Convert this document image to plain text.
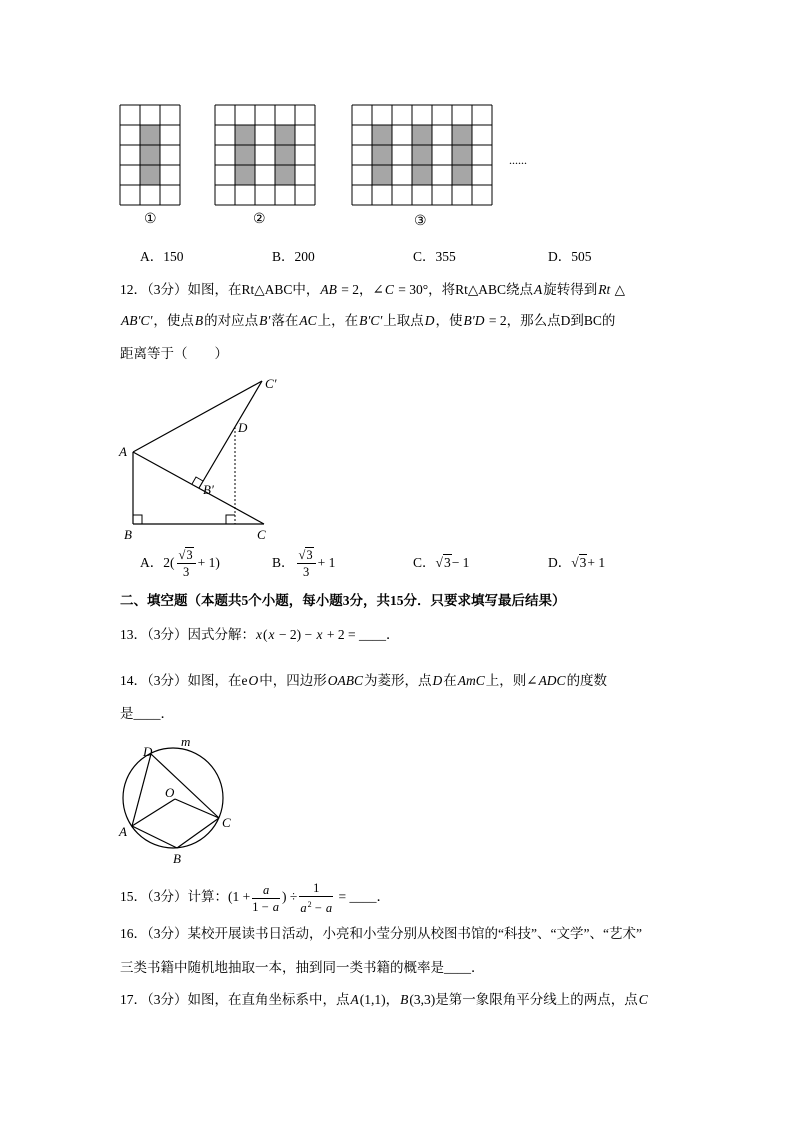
......
①	②	③
A．150	B．200	C．355	D．505
12．（3分）如图，在Rt△ABC中，AB = 2，∠C = 30°，将Rt△ABC绕点A旋转得到Rt △
AB′C′，使点B的对应点B′落在AC上，在B′C′上取点D，使B′D = 2，那么点D到BC的
距离等于（　　）
C′
D
A
B′
B	C
A．$2( \frac{√3}{3} + 1)$	B． $\frac{√3}{3} + 1$	C．√3− 1	D．√3+ 1
二、填空题（本题共5个小题，每小题3分，共15分．只要求填写最后结果）
13．（3分）因式分解：x(x − 2) − x + 2 = ____．
14．（3分）如图，在eO中，四边形OABC为菱形，点D在AmC上，则∠ADC的度数
是____．
D
m
O
A
C
B
15．（3分）计算：($1 + \frac{a}{1 - a}$ ) ÷ $\frac{1}{a^2 - a}$ = ____．
16．（3分）某校开展读书日活动，小亮和小莹分别从校图书馆的“科技”、“文学”、“艺术”
三类书籍中随机地抽取一本，抽到同一类书籍的概率是____．
17．（3分）如图，在直角坐标系中，点A(1,1)，B(3,3)是第一象限角平分线上的两点，点C
